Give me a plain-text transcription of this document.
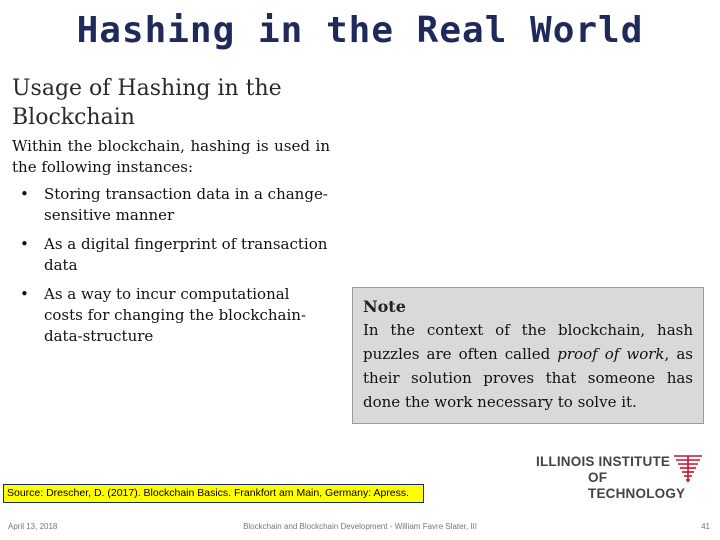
Hashing in the Real World
Usage of Hashing in the
Blockchain

Within the blockchain, hashing is used in the following instances:

• Storing transaction data in a change-sensitive manner
• As a digital fingerprint of transaction data
• As a way to incur computational costs for changing the blockchain-data-structure

Note

In the context of the blockchain, hash puzzles are often called proof of work, as their solution proves that someone has done the work necessary to solve it.

Source: Drescher, D. (2017). Blockchain Basics. Frankfort am Main, Germany: Apress.
ILLINOIS INSTITUTE
OF TECHNOLOGY
April 13, 2018	Blockchain and Blockchain Development - William Favre Slater, III	41
